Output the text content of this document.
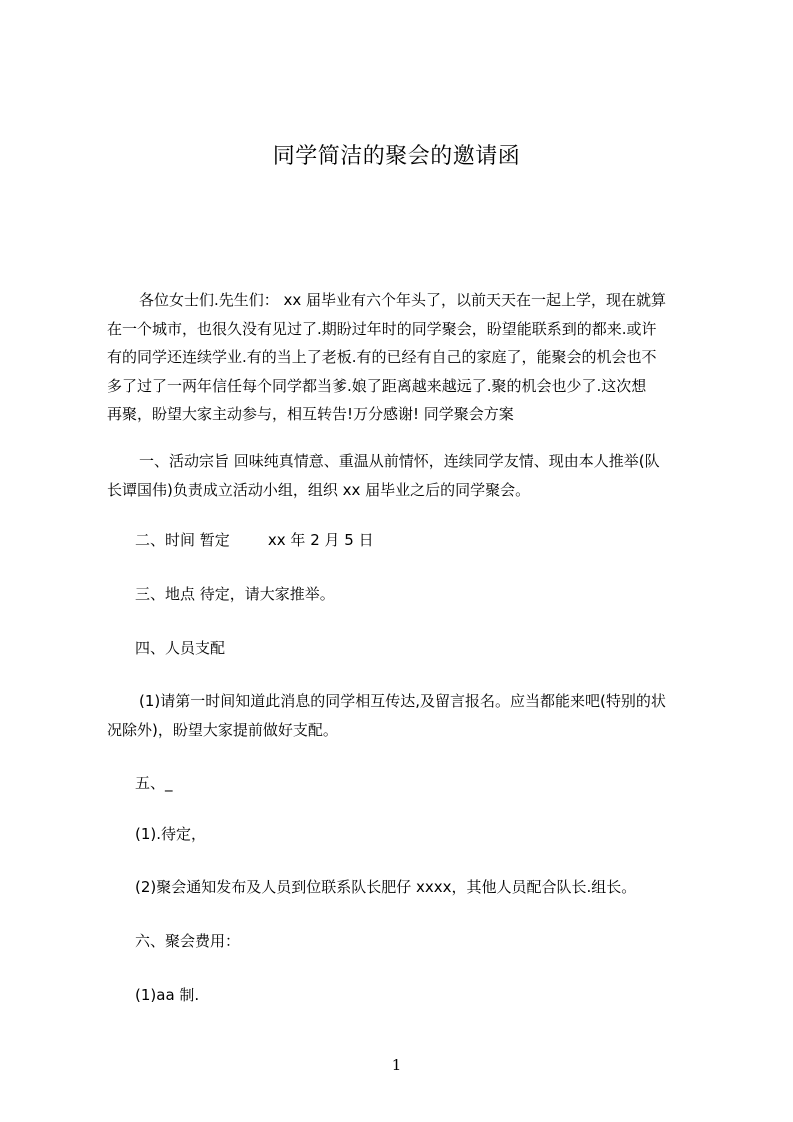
同学简洁的聚会的邀请函
各位女士们.先生们： xx 届毕业有六个年头了，以前天天在一起上学，现在就算
在一个城市，也很久没有见过了.期盼过年时的同学聚会，盼望能联系到的都来.或许
有的同学还连续学业.有的当上了老板.有的已经有自己的家庭了，能聚会的机会也不
多了过了一两年信任每个同学都当爹.娘了距离越来越远了.聚的机会也少了.这次想
再聚，盼望大家主动参与，相互转告!万分感谢! 同学聚会方案
一、活动宗旨 回味纯真情意、重温从前情怀，连续同学友情、现由本人推举(队
长谭国伟)负责成立活动小组，组织 xx 届毕业之后的同学聚会。
二、时间 暂定        xx 年 2 月 5 日
三、地点 待定，请大家推举。
四、人员支配
(1)请第一时间知道此消息的同学相互传达,及留言报名。应当都能来吧(特别的状
况除外)，盼望大家提前做好支配。
五、_
(1).待定，
(2)聚会通知发布及人员到位联系队长肥仔 xxxx，其他人员配合队长.组长。
六、聚会费用：
(1)aa 制.
1
